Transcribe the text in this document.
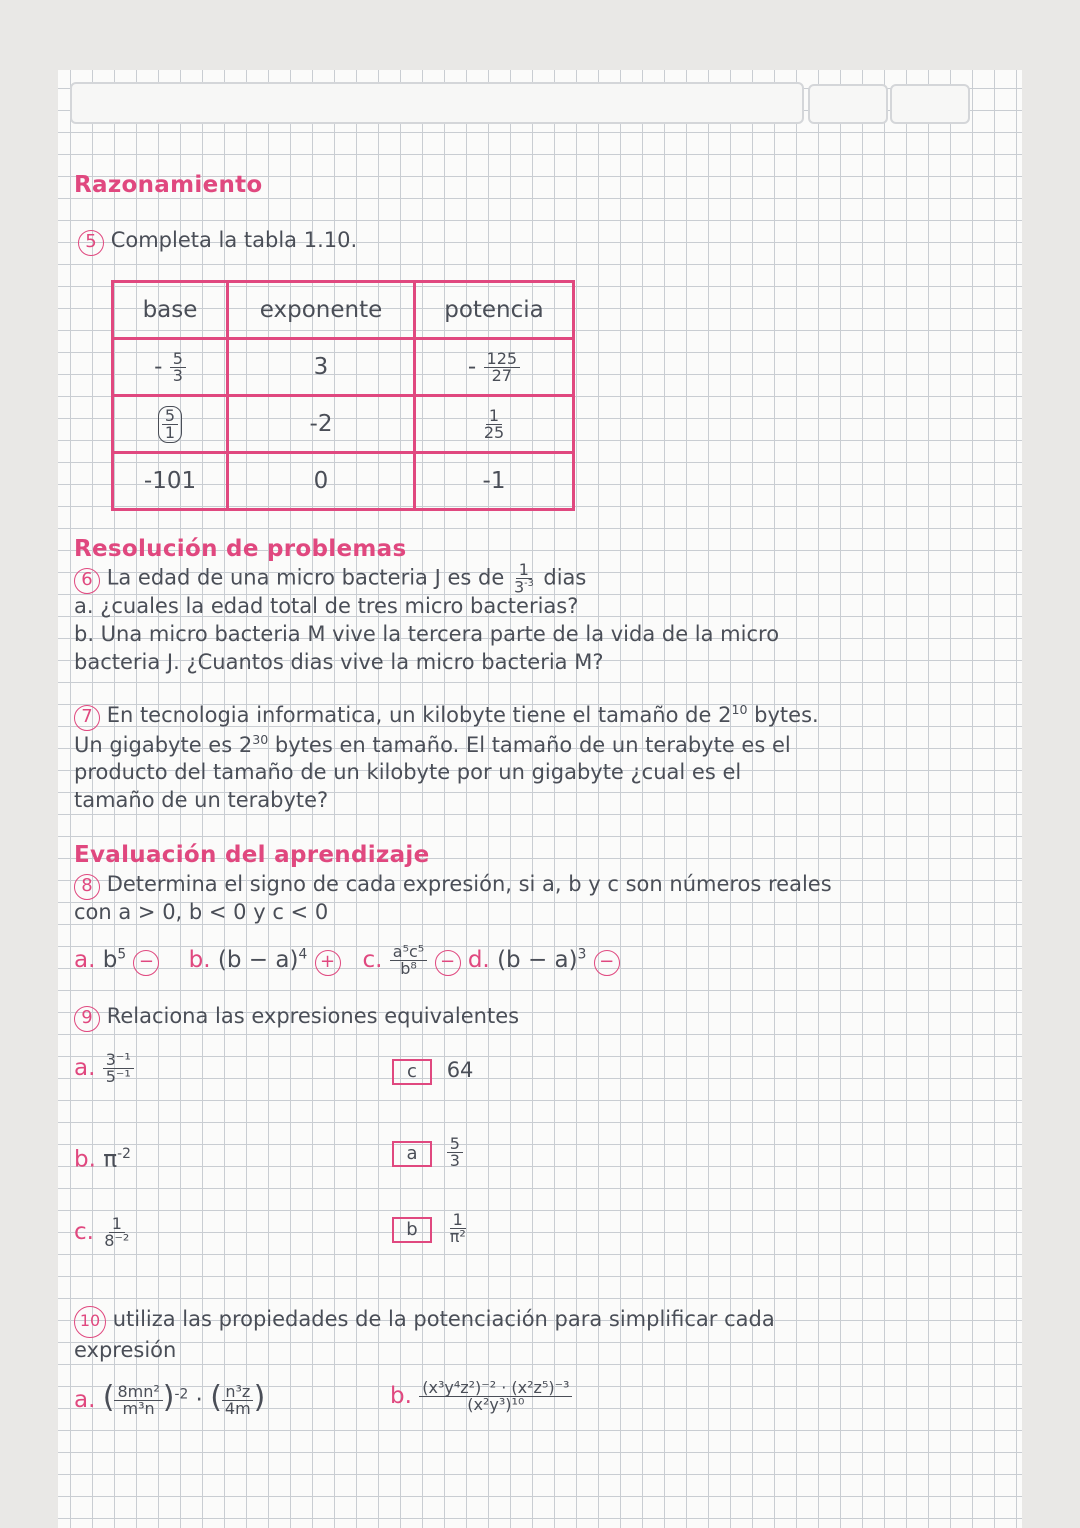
Razonamiento
5 Completa la tabla 1.10.
base	exponente	potencia
- $\frac{5}{3}$	3	- $\frac{125}{27}$

$\frac{5}{1}$	-2	$\frac{1}{25}$

-101	0	-1
Resolución de problemas
6 La edad de una micro bacteria J es de $\frac{1}{3^{-3}}$ dias
a. ¿cuales la edad total de tres micro bacterias?
b. Una micro bacteria M vive la tercera parte de la vida de la micro
bacteria J. ¿Cuantos dias vive la micro bacteria M?
7 En tecnologia informatica, un kilobyte tiene el tamaño de $2^{10}$ bytes.
Un gigabyte es $2^{30}$ bytes en tamaño. El tamaño de un terabyte es el
producto del tamaño de un kilobyte por un gigabyte ¿cual es el
tamaño de un terabyte?
Evaluación del aprendizaje
8 Determina el signo de cada expresión, si a, b y c son números reales
con a > 0, b < 0 y c < 0
a. $b^5 - b$. $(b - a)^4 + c$. $\frac{\text{a⁵c⁵}}{\text{b⁸}} - d$. $(b - a)^3$ −
9 Relaciona las expresiones equivalentes
a. $\frac{\text{3⁻¹}}{\text{5⁻¹}}$
b. $\pi^{-2}$
c. $\frac{1}{\text{8⁻²}}$
c 64
a $\frac{5}{3}$
b $\frac{1}{\text{π²}}$
10 utiliza las propiedades de la potenciación para simplificar cada
expresión
a. ( $\frac{\text{8mn²}}{\text{m³n}} )^{-2}$ · ( $\frac{\text{n³z}}{4m}$ )	b. $\frac{\text{(x³y⁴z²)⁻² · (x²z⁵)⁻³}}{\text{(x²y³)¹⁰}}$
